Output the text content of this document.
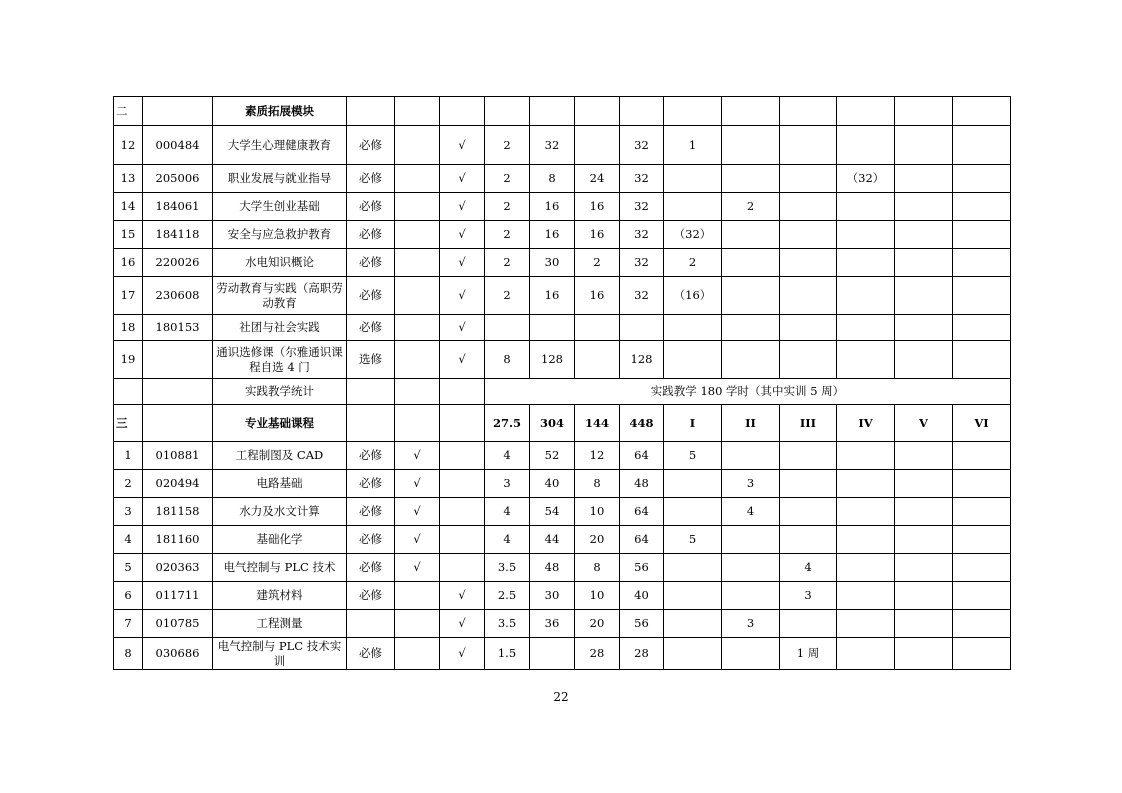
二		素质拓展模块													
12	000484	大学生心理健康教育	必修		√	2	32		32	1					
13	205006	职业发展与就业指导	必修		√	2	8	24	32				（32）		
14	184061	大学生创业基础	必修		√	2	16	16	32		2				
15	184118	安全与应急救护教育	必修		√	2	16	16	32	（32）					
16	220026	水电知识概论	必修		√	2	30	2	32	2					
17	230608	劳动教育与实践（高职劳动教育	必修		√	2	16	16	32	（16）					
18	180153	社团与社会实践	必修		√										
19		通识选修课（尔雅通识课程自选 4 门	选修		√	8	128		128						
		实践教学统计				实践教学 180 学时（其中实训 5 周）									
三		专业基础课程				27.5	304	144	448	I	II	III	IV	V	VI
1	010881	工程制图及 CAD	必修	√		4	52	12	64	5					
2	020494	电路基础	必修	√		3	40	8	48		3				
3	181158	水力及水文计算	必修	√		4	54	10	64		4				
4	181160	基础化学	必修	√		4	44	20	64	5					
5	020363	电气控制与 PLC 技术	必修	√		3.5	48	8	56			4			
6	011711	建筑材料	必修		√	2.5	30	10	40			3			
7	010785	工程测量			√	3.5	36	20	56		3				
8	030686	电气控制与 PLC 技术实训	必修		√	1.5		28	28			1 周			
22
